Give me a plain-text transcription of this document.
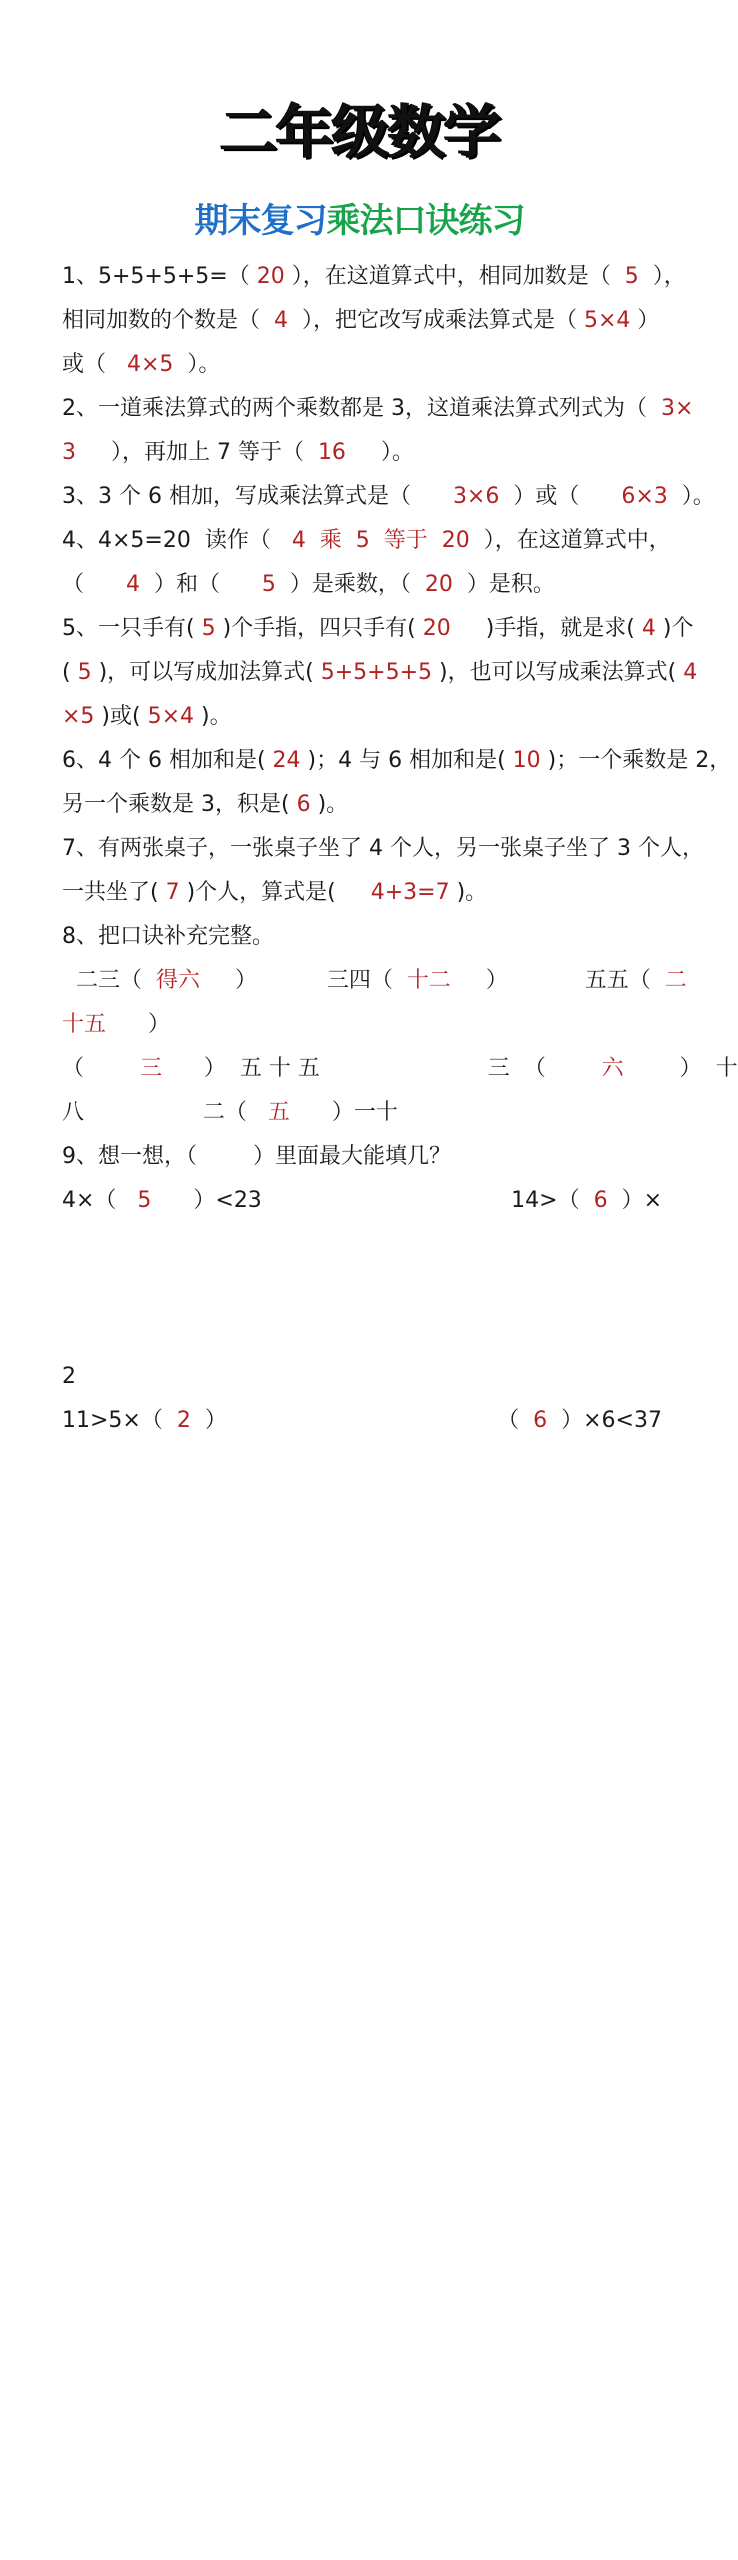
二年级数学
期末复习乘法口诀练习
1、5+5+5+5=（ 20 ），在这道算式中，相同加数是（  5  ），
相同加数的个数是（  4  ），把它改写成乘法算式是（ 5×4 ）
或（   4×5  ）。
2、一道乘法算式的两个乘数都是 3，这道乘法算式列式为（  3×
3     ），再加上 7 等于（  16     ）。
3、3 个 6 相加，写成乘法算式是（      3×6  ）或（      6×3  ）。
4、4×5=20  读作（   4  乘  5  等于  20  ），在这道算式中，
（      4  ）和（      5  ）是乘数，（  20  ）是积。
5、一只手有( 5 )个手指，四只手有( 20     )手指，就是求( 4 )个
( 5 )，可以写成加法算式( 5+5+5+5 )，也可以写成乘法算式( 4
×5 )或( 5×4 )。
6、4 个 6 相加和是( 24 )；4 与 6 相加和是( 10 )；一个乘数是 2，
另一个乘数是 3，积是( 6 )。
7、有两张桌子，一张桌子坐了 4 个人，另一张桌子坐了 3 个人，
一共坐了( 7 )个人，算式是(     4+3=7 )。
8、把口诀补充完整。
二三（  得六     ）          三四（  十二     ）           五五（  二
十五      ）
（        三      ）  五 十 五                        三  （        六        ）  十
八                 二（   五      ）一十
9、想一想，（        ）里面最大能填几？
4×（   5      ）<23	14>（  6  ）×
2
11>5×（  2  ）	（  6  ）×6<37
